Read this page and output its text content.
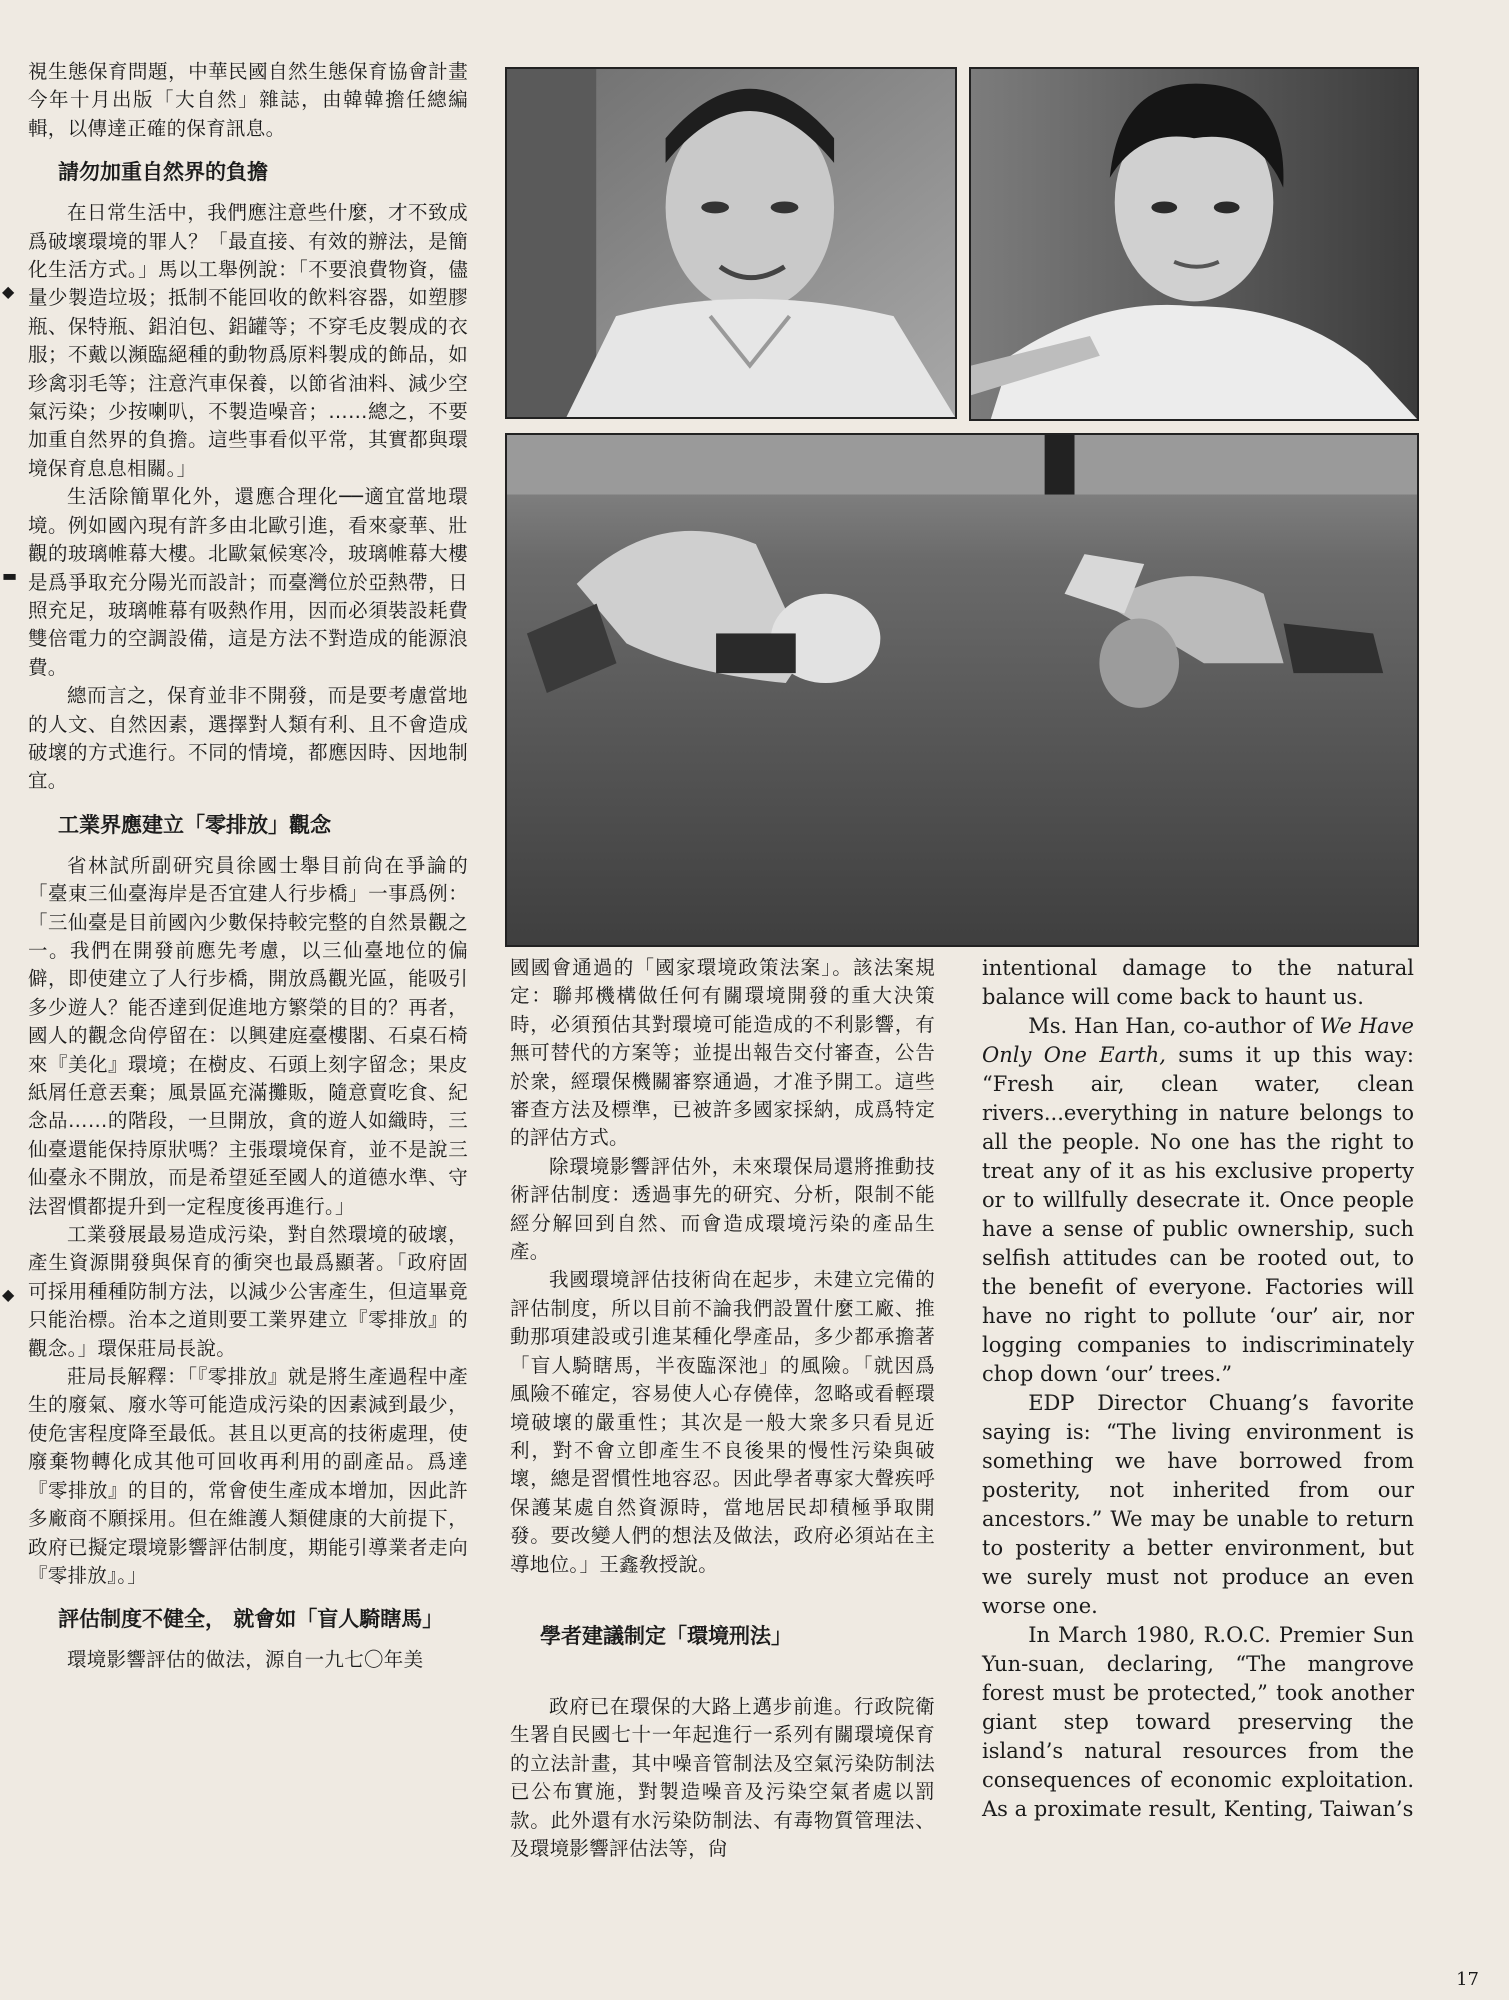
視生態保育問題，中華民國自然生態保育協會計畫今年十月出版「大自然」雜誌，由韓韓擔任總編輯，以傳達正確的保育訊息。

請勿加重自然界的負擔

在日常生活中，我們應注意些什麼，才不致成爲破壞環境的罪人？「最直接、有效的辦法，是簡化生活方式。」馬以工舉例說：「不要浪費物資，儘量少製造垃圾；抵制不能回收的飲料容器，如塑膠瓶、保特瓶、鋁泊包、鋁罐等；不穿毛皮製成的衣服；不戴以瀕臨絕種的動物爲原料製成的飾品，如珍禽羽毛等；注意汽車保養，以節省油料、減少空氣污染；少按喇叭，不製造噪音；……總之，不要加重自然界的負擔。這些事看似平常，其實都與環境保育息息相關。」

生活除簡單化外，還應合理化──適宜當地環境。例如國內現有許多由北歐引進，看來豪華、壯觀的玻璃帷幕大樓。北歐氣候寒冷，玻璃帷幕大樓是爲爭取充分陽光而設計；而臺灣位於亞熱帶，日照充足，玻璃帷幕有吸熱作用，因而必須裝設耗費雙倍電力的空調設備，這是方法不對造成的能源浪費。

總而言之，保育並非不開發，而是要考慮當地的人文、自然因素，選擇對人類有利、且不會造成破壞的方式進行。不同的情境，都應因時、因地制宜。

工業界應建立「零排放」觀念

省林試所副研究員徐國士舉目前尙在爭論的「臺東三仙臺海岸是否宜建人行步橋」一事爲例：「三仙臺是目前國內少數保持較完整的自然景觀之一。我們在開發前應先考慮，以三仙臺地位的偏僻，即使建立了人行步橋，開放爲觀光區，能吸引多少遊人？能否達到促進地方繁榮的目的？再者，國人的觀念尙停留在：以興建庭臺樓閣、石桌石椅來『美化』環境；在樹皮、石頭上刻字留念；果皮紙屑任意丟棄；風景區充滿攤販，隨意賣吃食、紀念品……的階段，一旦開放，貪的遊人如織時，三仙臺還能保持原狀嗎？主張環境保育，並不是說三仙臺永不開放，而是希望延至國人的道德水準、守法習慣都提升到一定程度後再進行。」

工業發展最易造成污染，對自然環境的破壞，產生資源開發與保育的衝突也最爲顯著。「政府固可採用種種防制方法，以減少公害產生，但這畢竟只能治標。治本之道則要工業界建立『零排放』的觀念。」環保莊局長說。

莊局長解釋：「『零排放』就是將生產過程中產生的廢氣、廢水等可能造成污染的因素減到最少，使危害程度降至最低。甚且以更高的技術處理，使廢棄物轉化成其他可回收再利用的副產品。爲達『零排放』的目的，常會使生產成本增加，因此許多廠商不願採用。但在維護人類健康的大前提下，政府已擬定環境影響評估制度，期能引導業者走向『零排放』。」

評估制度不健全， 就會如「盲人騎瞎馬」

環境影響評估的做法，源自一九七〇年美

◆
▬
◆

國國會通過的「國家環境政策法案」。該法案規定：聯邦機構做任何有關環境開發的重大決策時，必須預估其對環境可能造成的不利影響，有無可替代的方案等；並提出報告交付審查，公告於衆，經環保機關審察通過，才准予開工。這些審查方法及標準，已被許多國家採納，成爲特定的評估方式。

除環境影響評估外，未來環保局還將推動技術評估制度：透過事先的研究、分析，限制不能經分解回到自然、而會造成環境污染的產品生產。

我國環境評估技術尙在起步，未建立完備的評估制度，所以目前不論我們設置什麼工廠、推動那項建設或引進某種化學產品，多少都承擔著「盲人騎瞎馬，半夜臨深池」的風險。「就因爲風險不確定，容易使人心存僥倖，忽略或看輕環境破壞的嚴重性；其次是一般大衆多只看見近利，對不會立卽產生不良後果的慢性污染與破壞，總是習慣性地容忍。因此學者專家大聲疾呼保護某處自然資源時，當地居民却積極爭取開發。要改變人們的想法及做法，政府必須站在主導地位。」王鑫敎授說。

學者建議制定「環境刑法」

政府已在環保的大路上邁步前進。行政院衛生署自民國七十一年起進行一系列有關環境保育的立法計畫，其中噪音管制法及空氣污染防制法已公布實施，對製造噪音及污染空氣者處以罰款。此外還有水污染防制法、有毒物質管理法、及環境影響評估法等，尙

intentional damage to the natural balance will come back to haunt us.

Ms. Han Han, co-author of We Have Only One Earth, sums it up this way: “Fresh air, clean water, clean rivers...everything in nature belongs to all the people. No one has the right to treat any of it as his exclusive property or to willfully desecrate it. Once people have a sense of public ownership, such selfish attitudes can be rooted out, to the benefit of everyone. Factories will have no right to pollute ‘our’ air, nor logging companies to indiscriminately chop down ‘our’ trees.”

EDP Director Chuang’s favorite saying is: “The living environment is something we have borrowed from posterity, not inherited from our ancestors.” We may be unable to return to posterity a better environment, but we surely must not produce an even worse one.

In March 1980, R.O.C. Premier Sun Yun-suan, declaring, “The mangrove forest must be protected,” took another giant step toward preserving the island’s natural resources from the consequences of economic exploitation. As a proximate result, Kenting, Taiwan’s

17
